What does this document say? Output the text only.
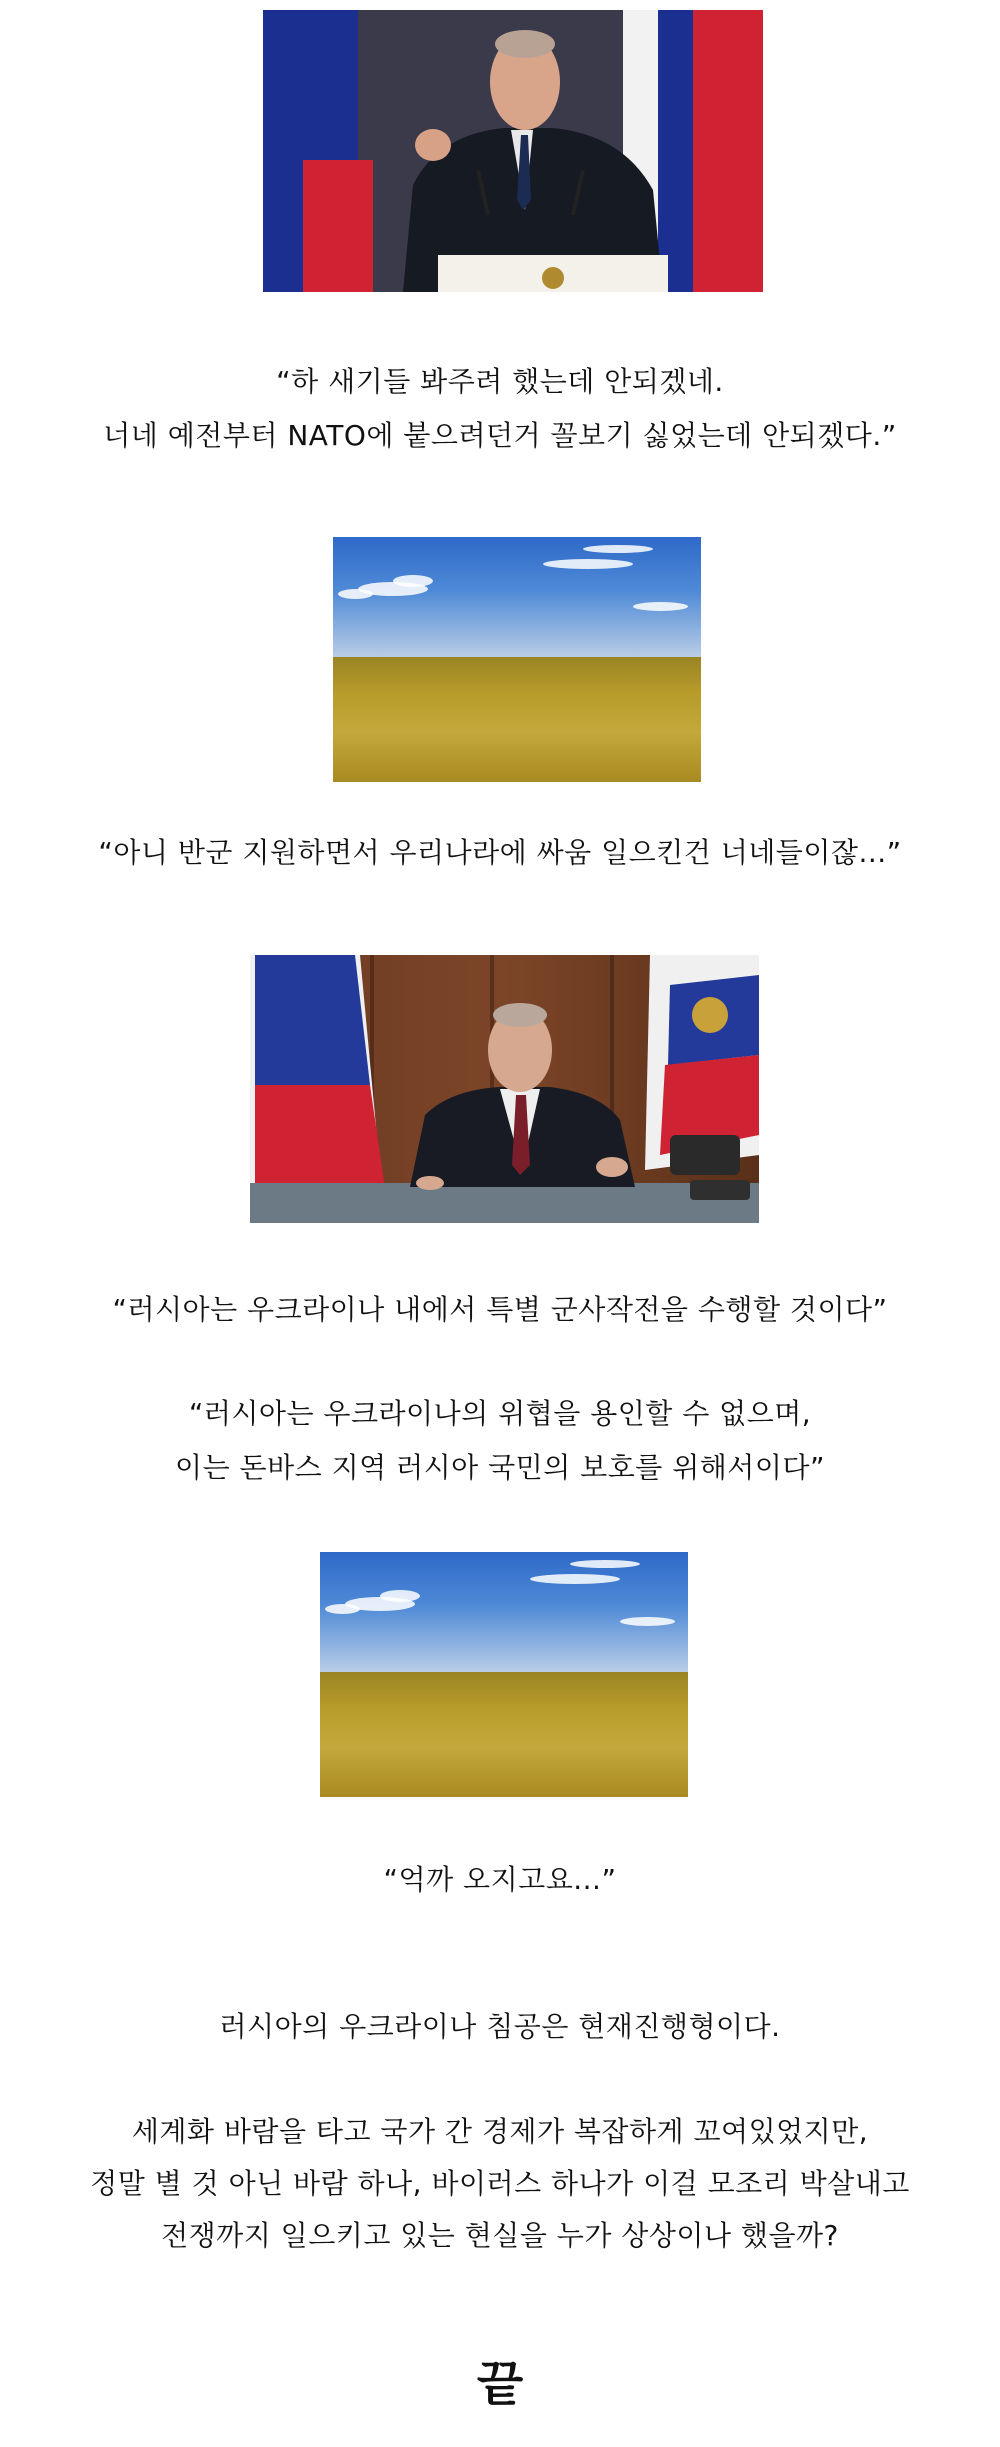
“하 새기들 봐주려 했는데 안되겠네.
너네 예전부터 NATO에 붙으려던거 꼴보기 싫었는데 안되겠다.”
“아니 반군 지원하면서 우리나라에 싸움 일으킨건 너네들이잖...”
“러시아는 우크라이나 내에서 특별 군사작전을 수행할 것이다”
“러시아는 우크라이나의 위협을 용인할 수 없으며,
이는 돈바스 지역 러시아 국민의 보호를 위해서이다”
“억까 오지고요...”
러시아의 우크라이나 침공은 현재진행형이다.
세계화 바람을 타고 국가 간 경제가 복잡하게 꼬여있었지만,
정말 별 것 아닌 바람 하나, 바이러스 하나가 이걸 모조리 박살내고
전쟁까지 일으키고 있는 현실을 누가 상상이나 했을까?
끝
